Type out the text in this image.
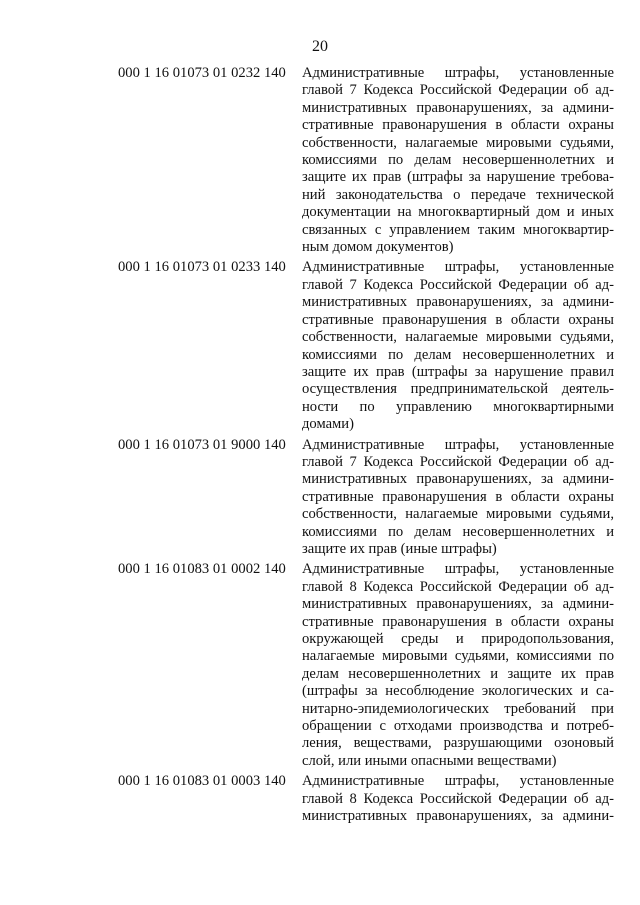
20
000 1 16 01073 01 0232 140	Административные штрафы, установленные
главой 7 Кодекса Российской Федерации об ад-
министративных правонарушениях, за админи-
стративные правонарушения в области охраны
собственности, налагаемые мировыми судьями,
комиссиями по делам несовершеннолетних и
защите их прав (штрафы за нарушение требова-
ний законодательства о передаче технической
документации на многоквартирный дом и иных
связанных с управлением таким многоквартир-
ным домом документов)

000 1 16 01073 01 0233 140	Административные штрафы, установленные
главой 7 Кодекса Российской Федерации об ад-
министративных правонарушениях, за админи-
стративные правонарушения в области охраны
собственности, налагаемые мировыми судьями,
комиссиями по делам несовершеннолетних и
защите их прав (штрафы за нарушение правил
осуществления предпринимательской деятель-
ности по управлению многоквартирными
домами)

000 1 16 01073 01 9000 140	Административные штрафы, установленные
главой 7 Кодекса Российской Федерации об ад-
министративных правонарушениях, за админи-
стративные правонарушения в области охраны
собственности, налагаемые мировыми судьями,
комиссиями по делам несовершеннолетних и
защите их прав (иные штрафы)

000 1 16 01083 01 0002 140	Административные штрафы, установленные
главой 8 Кодекса Российской Федерации об ад-
министративных правонарушениях, за админи-
стративные правонарушения в области охраны
окружающей среды и природопользования,
налагаемые мировыми судьями, комиссиями по
делам несовершеннолетних и защите их прав
(штрафы за несоблюдение экологических и са-
нитарно-эпидемиологических требований при
обращении с отходами производства и потреб-
ления, веществами, разрушающими озоновый
слой, или иными опасными веществами)

000 1 16 01083 01 0003 140	Административные штрафы, установленные
главой 8 Кодекса Российской Федерации об ад-
министративных правонарушениях, за админи-
